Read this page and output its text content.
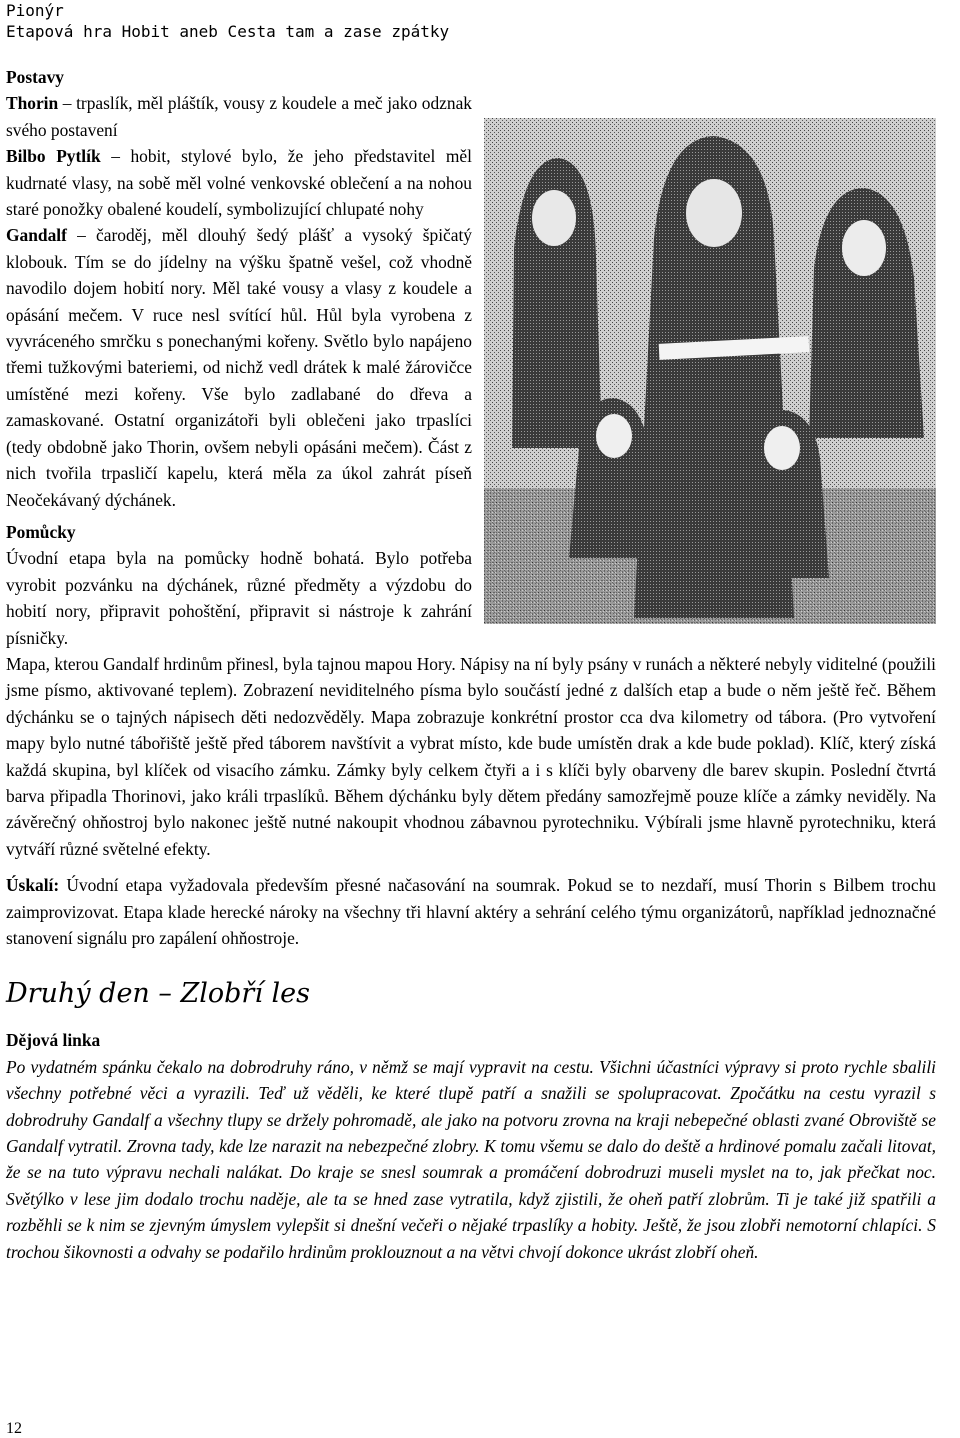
Pionýr
Etapová hra Hobit aneb Cesta tam a zase zpátky
Postavy

Thorin – trpaslík, měl pláštík, vousy z koudele a meč jako odznak svého postavení

Bilbo Pytlík – hobit, stylové bylo, že jeho představitel měl kudrnaté vlasy, na sobě měl volné venkovské oblečení a na nohou staré ponožky obalené koudelí, symbolizující chlupaté nohy

Gandalf – čaroděj, měl dlouhý šedý plášť a vysoký špičatý klobouk. Tím se do jídelny na výšku špatně vešel, což vhodně navodilo dojem hobití nory. Měl také vousy a vlasy z koudele a opásání mečem. V ruce nesl svítící hůl. Hůl byla vyrobena z vyvráceného smrčku s ponechanými kořeny. Světlo bylo napájeno třemi tužkovými bateriemi, od nichž vedl drátek k malé žárovičce umístěné mezi kořeny. Vše bylo zadlabané do dřeva a zamaskované. Ostatní organizátoři byli oblečeni jako trpaslíci (tedy obdobně jako Thorin, ovšem nebyli opásáni mečem). Část z nich tvořila trpasličí kapelu, která měla za úkol zahrát píseň Neočekávaný dýchánek.

Pomůcky

Úvodní etapa byla na pomůcky hodně bohatá. Bylo potřeba vyrobit pozvánku na dýchánek, různé předměty a výzdobu do hobití nory, připravit pohoštění, připravit si nástroje k zahrání písničky.

Mapa, kterou Gandalf hrdinům přinesl, byla tajnou mapou Hory. Nápisy na ní byly psány v runách a některé nebyly viditelné (použili jsme písmo, aktivované teplem). Zobrazení neviditelného písma bylo součástí jedné z dalších etap a bude o něm ještě řeč. Během dýchánku se o tajných nápisech děti nedozvěděly. Mapa zobrazuje konkrétní prostor cca dva kilometry od tábora. (Pro vytvoření mapy bylo nutné tábořiště ještě před táborem navštívit a vybrat místo, kde bude umístěn drak a kde bude poklad). Klíč, který získá každá skupina, byl klíček od visacího zámku. Zámky byly celkem čtyři a i s klíči byly obarveny dle barev skupin. Poslední čtvrtá barva připadla Thorinovi, jako králi trpaslíků. Během dýchánku byly dětem předány samozřejmě pouze klíče a zámky neviděly. Na závěrečný ohňostroj bylo nakonec ještě nutné nakoupit vhodnou zábavnou pyrotechniku. Výbírali jsme hlavně pyrotechniku, která vytváří různé světelné efekty.

Úskalí: Úvodní etapa vyžadovala především přesné načasování na soumrak. Pokud se to nezdaří, musí Thorin s Bilbem trochu zaimprovizovat. Etapa klade herecké nároky na všechny tři hlavní aktéry a sehrání celého týmu organizátorů, například jednoznačné stanovení signálu pro zapálení ohňostroje.

Druhý den – Zlobří les
Dějová linka

Po vydatném spánku čekalo na dobrodruhy ráno, v němž se mají vypravit na cestu. Všichni účastníci výpravy si proto rychle sbalili všechny potřebné věci a vyrazili. Teď už věděli, ke které tlupě patří a snažili se spolupracovat. Zpočátku na cestu vyrazil s dobrodruhy Gandalf a všechny tlupy se držely pohromadě, ale jako na potvoru zrovna na kraji nebepečné oblasti zvané Obroviště se Gandalf vytratil. Zrovna tady, kde lze narazit na nebezpečné zlobry. K tomu všemu se dalo do deště a hrdinové pomalu začali litovat, že se na tuto výpravu nechali nalákat. Do kraje se snesl soumrak a promáčení dobrodruzi museli myslet na to, jak přečkat noc. Světýlko v lese jim dodalo trochu naděje, ale ta se hned zase vytratila, když zjistili, že oheň patří zlobrům. Ti je také již spatřili a rozběhli se k nim se zjevným úmyslem vylepšit si dnešní večeři o nějaké trpaslíky a hobity. Ještě, že jsou zlobři nemotorní chlapíci. S trochou šikovnosti a odvahy se podařilo hrdinům proklouznout a na větvi chvojí dokonce ukrást zlobří oheň.

12
